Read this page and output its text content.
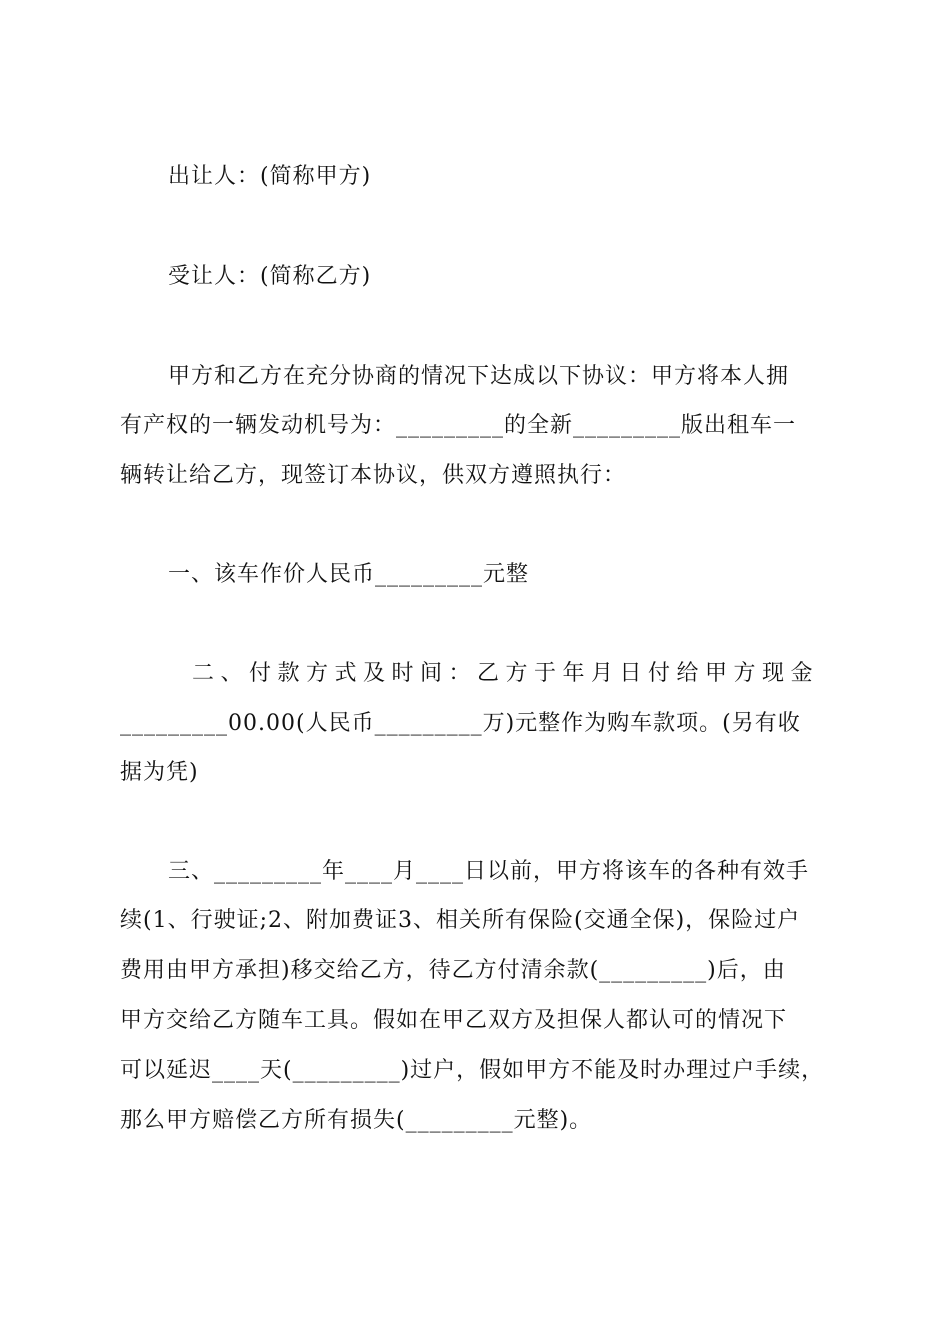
出让人：(简称甲方)
受让人：(简称乙方)
甲方和乙方在充分协商的情况下达成以下协议：甲方将本人拥
有产权的一辆发动机号为：_________的全新_________版出租车一
辆转让给乙方，现签订本协议，供双方遵照执行：
一、该车作价人民币_________元整
二、付款方式及时间：乙方于年月日付给甲方现金
_________00.00(人民币_________万)元整作为购车款项。(另有收
据为凭)
三、_________年____月____日以前，甲方将该车的各种有效手
续(1、行驶证;2、附加费证3、相关所有保险(交通全保)，保险过户
费用由甲方承担)移交给乙方，待乙方付清余款(_________)后，由
甲方交给乙方随车工具。假如在甲乙双方及担保人都认可的情况下
可以延迟____天(_________)过户，假如甲方不能及时办理过户手续，
那么甲方赔偿乙方所有损失(_________元整)。
